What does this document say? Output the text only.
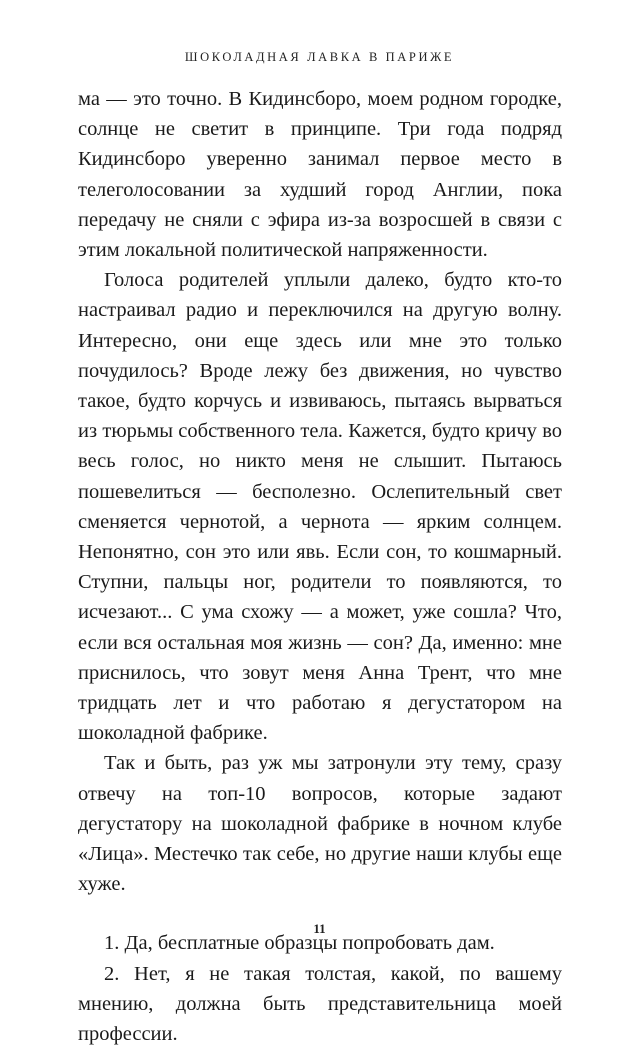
ШОКОЛАДНАЯ ЛАВКА В ПАРИЖЕ

ма — это точно. В Кидинсборо, моем родном городке, солнце не светит в принципе. Три года подряд Кидинсборо уверенно занимал первое место в телеголосовании за худший город Англии, пока передачу не сняли с эфира из-за возросшей в связи с этим локальной политической напряженности.

Голоса родителей уплыли далеко, будто кто-то настраивал радио и переключился на другую волну. Интересно, они еще здесь или мне это только почудилось? Вроде лежу без движения, но чувство такое, будто корчусь и извиваюсь, пытаясь вырваться из тюрьмы собственного тела. Кажется, будто кричу во весь голос, но никто меня не слышит. Пытаюсь пошевелиться — бесполезно. Ослепительный свет сменяется чернотой, а чернота — ярким солнцем. Непонятно, сон это или явь. Если сон, то кошмарный. Ступни, пальцы ног, родители то появляются, то исчезают... С ума схожу — а может, уже сошла? Что, если вся остальная моя жизнь — сон? Да, именно: мне приснилось, что зовут меня Анна Трент, что мне тридцать лет и что работаю я дегустатором на шоколадной фабрике.

Так и быть, раз уж мы затронули эту тему, сразу отвечу на топ-10 вопросов, которые задают дегустатору на шоколадной фабрике в ночном клубе «Лица». Местечко так себе, но другие наши клубы еще хуже.

1. Да, бесплатные образцы попробовать дам.

2. Нет, я не такая толстая, какой, по вашему мнению, должна быть представительница моей профессии.

11
